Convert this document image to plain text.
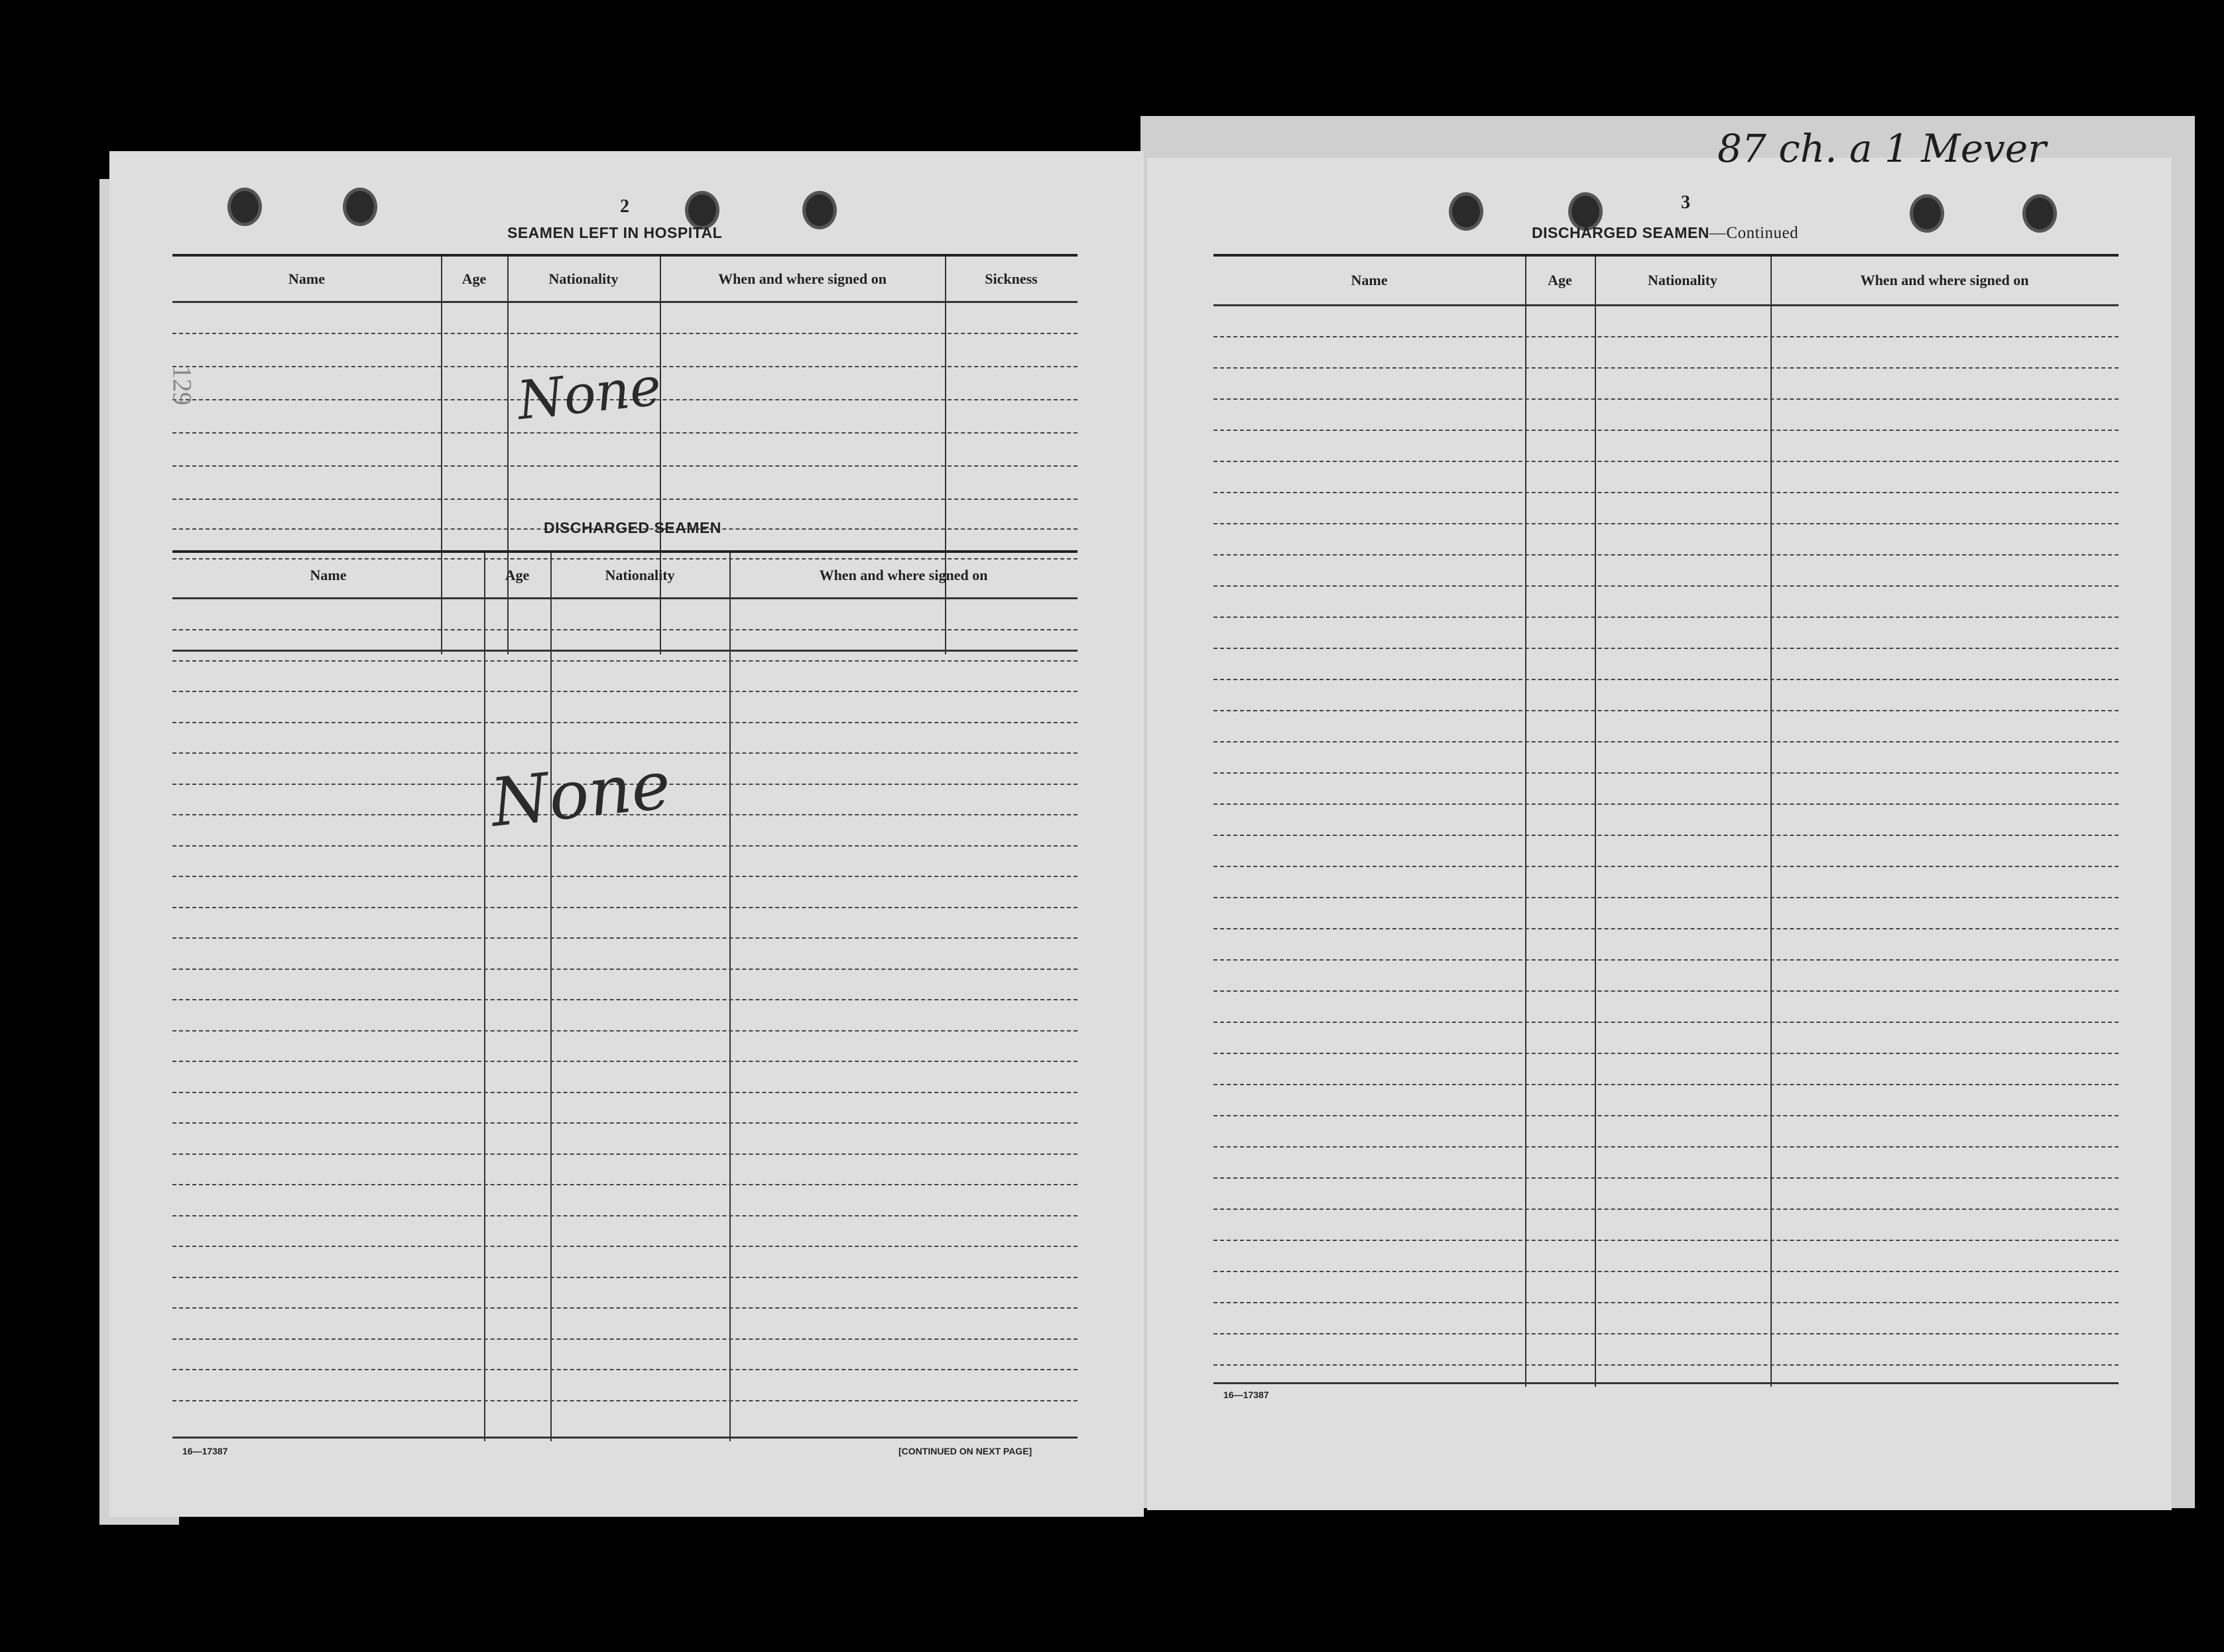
2
SEAMEN LEFT IN HOSPITAL
Name	Age	Nationality	When and where signed on	Sickness
None
DISCHARGED SEAMEN
Name	Age	Nationality	When and where signed on
None
16—17387	[CONTINUED ON NEXT PAGE]
129
3
DISCHARGED SEAMEN—Continued
Name	Age	Nationality	When and where signed on
16—17387
87 ch. a 1 Mever
